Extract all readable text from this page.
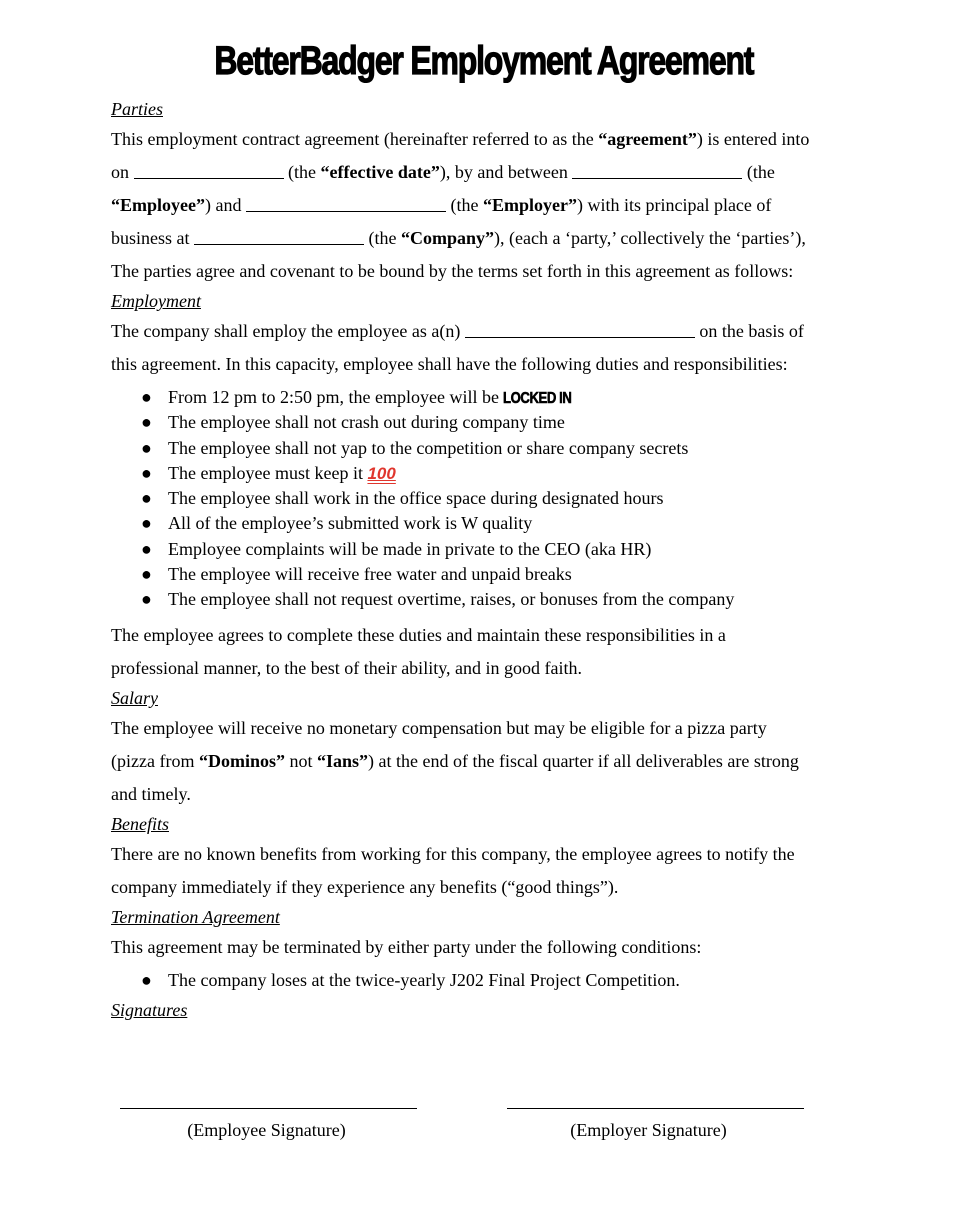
BetterBadger Employment Agreement
Parties
This employment contract agreement (hereinafter referred to as the “agreement”) is entered into
on	(the “effective date”), by and between	(the
“Employee”) and	(the “Employer”) with its principal place of
business at	(the “Company”), (each a ‘party,’ collectively the ‘parties’),
The parties agree and covenant to be bound by the terms set forth in this agreement as follows:
Employment
The company shall employ the employee as a(n)	on the basis of
this agreement. In this capacity, employee shall have the following duties and responsibilities:
● From 12 pm to 2:50 pm, the employee will be LOCKED IN
● The employee shall not crash out during company time
● The employee shall not yap to the competition or share company secrets
● The employee must keep it 100
● The employee shall work in the office space during designated hours
● All of the employee’s submitted work is W quality
● Employee complaints will be made in private to the CEO (aka HR)
● The employee will receive free water and unpaid breaks
● The employee shall not request overtime, raises, or bonuses from the company
The employee agrees to complete these duties and maintain these responsibilities in a
professional manner, to the best of their ability, and in good faith.
Salary
The employee will receive no monetary compensation but may be eligible for a pizza party
(pizza from “Dominos” not “Ians”) at the end of the fiscal quarter if all deliverables are strong
and timely.
Benefits
There are no known benefits from working for this company, the employee agrees to notify the
company immediately if they experience any benefits (“good things”).
Termination Agreement
This agreement may be terminated by either party under the following conditions:
● The company loses at the twice-yearly J202 Final Project Competition.
Signatures
(Employee Signature)	(Employer Signature)
